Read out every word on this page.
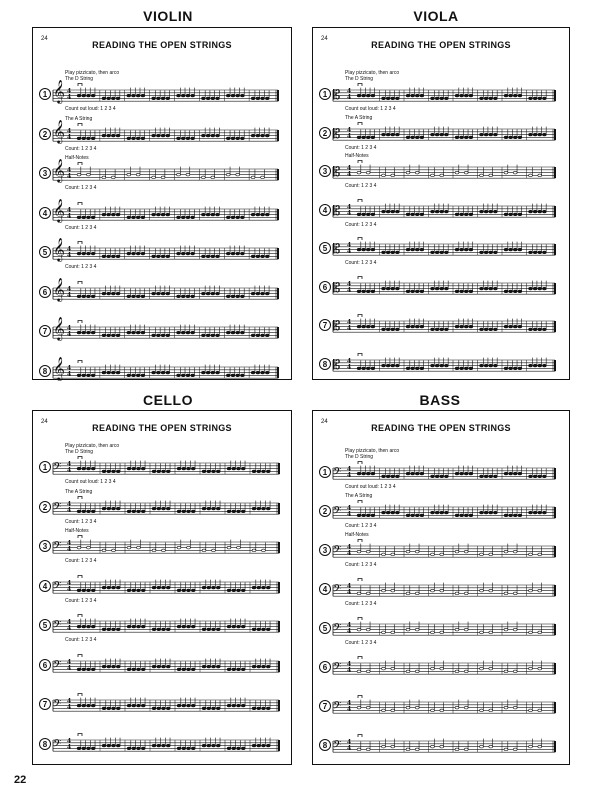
VIOLIN	VIOLA
CELLO	BASS
24
READING THE OPEN STRINGS
Play pizzicato, then arco
The D String
1 𝄞 4
4
Count out loud: 1 2 3 4
The A String
2 𝄞 4
4
Count: 1 2 3 4
Half-Notes
3 𝄞 4
4
Count: 1 2 3 4
4 𝄞 4
4
Count: 1 2 3 4
5 𝄞 4
4
Count: 1 2 3 4
6 𝄞 4
4
7 𝄞 4
4
8 𝄞 4
4
24
READING THE OPEN STRINGS
Play pizzicato, then arco
The D String
1 𝄡 4
4
Count out loud: 1 2 3 4
The A String
2 𝄡 4
4
Count: 1 2 3 4
Half-Notes
3 𝄡 4
4
Count: 1 2 3 4
4 𝄡 4
4
Count: 1 2 3 4
5 𝄡 4
4
Count: 1 2 3 4
6 𝄡 4
4
7 𝄡 4
4
8 𝄡 4
4
24
READING THE OPEN STRINGS
Play pizzicato, then arco
The D String
1 𝄢 4
4
Count out loud: 1 2 3 4
The A String
2 𝄢 4
4
Count: 1 2 3 4
Half-Notes
3 𝄢 4
4
Count: 1 2 3 4
4 𝄢 4
4
Count: 1 2 3 4
5 𝄢 4
4
Count: 1 2 3 4
6 𝄢 4
4
7 𝄢 4
4
8 𝄢 4
4
24
READING THE OPEN STRINGS
Play pizzicato, then arco
The D String
1 𝄢 4
4
Count out loud: 1 2 3 4
The A String
2 𝄢 4
4
Count: 1 2 3 4
Half-Notes
3 𝄢 4
4
Count: 1 2 3 4
4 𝄢 4
4
Count: 1 2 3 4
5 𝄢 4
4
Count: 1 2 3 4
6 𝄢 4
4
7 𝄢 4
4
8 𝄢 4
4
22
